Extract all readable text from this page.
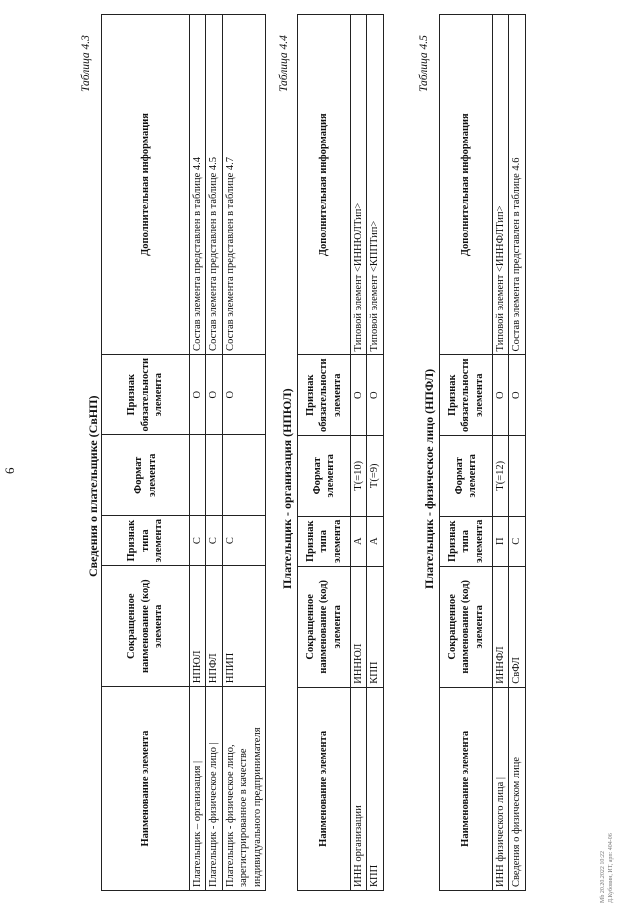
6
Таблица 4.3
Сведения о плательщике (СвНП)
Наименование элемента	Сокращенное наименование (код) элемента	Признак типа элемента	Формат элемента	Признак обязательности элемента	Дополнительная информация
Плательщик – организация |	НПЮЛ	С		О	Состав элемента представлен в таблице 4.4
Плательщик - физическое лицо |	НПФЛ	С		О	Состав элемента представлен в таблице 4.5
Плательщик - физическое лицо, зарегистрированное в качестве индивидуального предпринимателя	НПИП	С		О	Состав элемента представлен в таблице 4.7
Таблица 4.4
Плательщик - организация (НПЮЛ)
Наименование элемента	Сокращенное наименование (код) элемента	Признак типа элемента	Формат элемента	Признак обязательности элемента	Дополнительная информация
ИНН организации	ИННЮЛ	А	T(=10)	О	Типовой элемент <ИННЮЛТип>
КПП	КПП	А	T(=9)	О	Типовой элемент <КППТип>
Таблица 4.5
Плательщик - физическое лицо (НПФЛ)
Наименование элемента	Сокращенное наименование (код) элемента	Признак типа элемента	Формат элемента	Признак обязательности элемента	Дополнительная информация
ИНН физического лица |	ИННФЛ	П	T(=12)	О	Типовой элемент <ИННФЛТип>
Сведения о физическом лице	СвФЛ	С		О	Состав элемента представлен в таблице 4.6
Mb 20.20.2022 10:22 Д.Кубовин, ИТ, арп: 404-06
